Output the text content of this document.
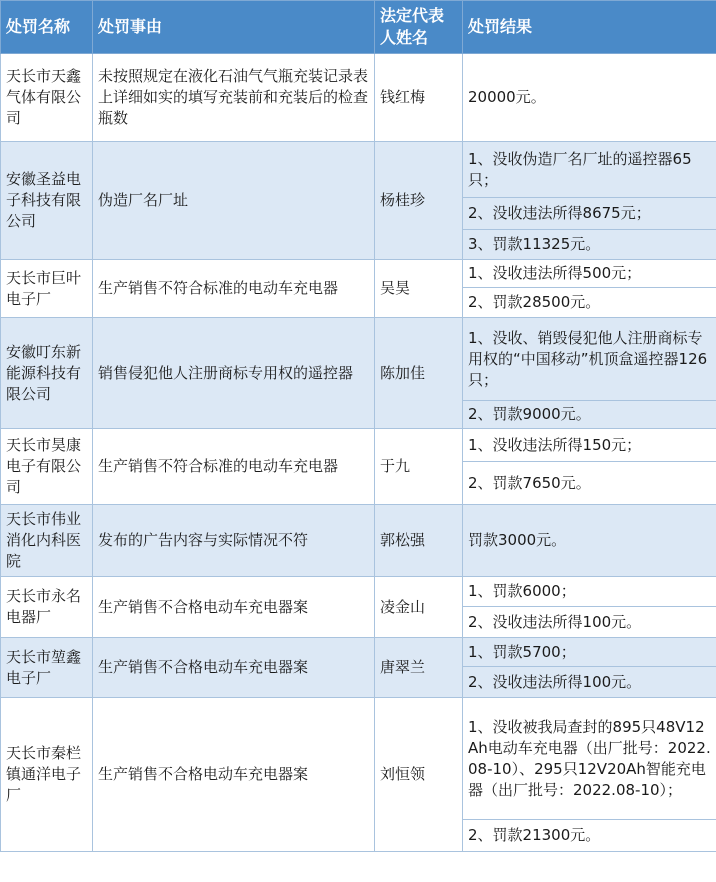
处罚名称	处罚事由	法定代表人姓名	处罚结果
天长市天鑫气体有限公司	未按照规定在液化石油气气瓶充装记录表上详细如实的填写充装前和充装后的检查瓶数	钱红梅	20000元。
安徽圣益电子科技有限公司	伪造厂名厂址	杨桂珍	1、没收伪造厂名厂址的遥控器65只；
			2、没收违法所得8675元；
			3、罚款11325元。
天长市巨叶电子厂	生产销售不符合标准的电动车充电器	吴昊	1、没收违法所得500元；
			2、罚款28500元。
安徽叮东新能源科技有限公司	销售侵犯他人注册商标专用权的遥控器	陈加佳	1、没收、销毁侵犯他人注册商标专用权的“中国移动”机顶盒遥控器126只；
			2、罚款9000元。
天长市昊康电子有限公司	生产销售不符合标准的电动车充电器	于九	1、没收违法所得150元；
			2、罚款7650元。
天长市伟业消化内科医院	发布的广告内容与实际情况不符	郭松强	罚款3000元。
天长市永名电器厂	生产销售不合格电动车充电器案	凌金山	1、罚款6000；
			2、没收违法所得100元。
天长市堃鑫电子厂	生产销售不合格电动车充电器案	唐翠兰	1、罚款5700；
			2、没收违法所得100元。
天长市秦栏镇通洋电子厂	生产销售不合格电动车充电器案	刘恒领	1、没收被我局查封的895只48V12Ah电动车充电器（出厂批号：2022.08-10）、295只12V20Ah智能充电器（出厂批号：2022.08-10）；
			2、罚款21300元。
